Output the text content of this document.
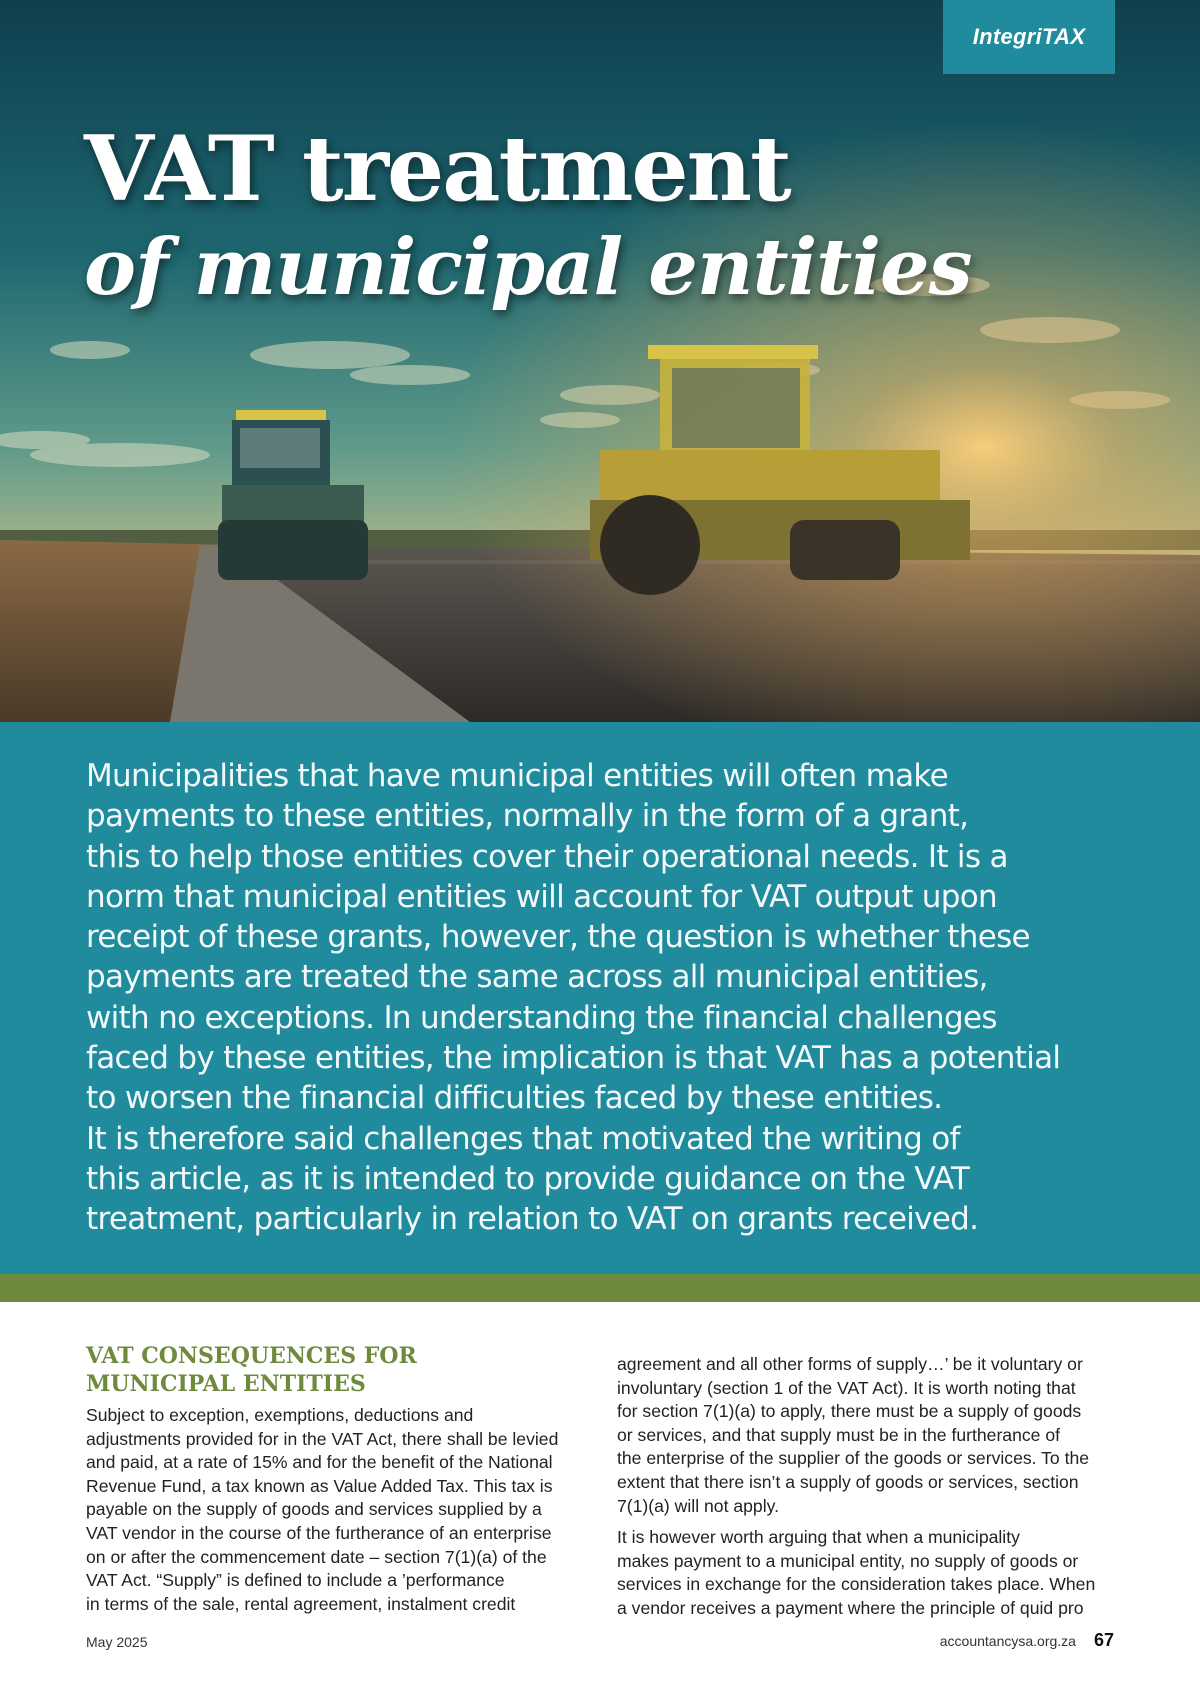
IntegriTAX
VAT treatment
of municipal entities

Municipalities that have municipal entities will often make
payments to these entities, normally in the form of a grant,
this to help those entities cover their operational needs. It is a
norm that municipal entities will account for VAT output upon
receipt of these grants, however, the question is whether these
payments are treated the same across all municipal entities,
with no exceptions. In understanding the financial challenges
faced by these entities, the implication is that VAT has a potential
to worsen the financial difficulties faced by these entities.
It is therefore said challenges that motivated the writing of
this article, as it is intended to provide guidance on the VAT
treatment, particularly in relation to VAT on grants received.

VAT CONSEQUENCES FOR
MUNICIPAL ENTITIES

Subject to exception, exemptions, deductions and
adjustments provided for in the VAT Act, there shall be levied
and paid, at a rate of 15% and for the benefit of the National
Revenue Fund, a tax known as Value Added Tax. This tax is
payable on the supply of goods and services supplied by a
VAT vendor in the course of the furtherance of an enterprise
on or after the commencement date – section 7(1)(a) of the
VAT Act. “Supply” is defined to include a ’performance
in terms of the sale, rental agreement, instalment credit

agreement and all other forms of supply…’ be it voluntary or
involuntary (section 1 of the VAT Act). It is worth noting that
for section 7(1)(a) to apply, there must be a supply of goods
or services, and that supply must be in the furtherance of
the enterprise of the supplier of the goods or services. To the
extent that there isn’t a supply of goods or services, section
7(1)(a) will not apply.

It is however worth arguing that when a municipality
makes payment to a municipal entity, no supply of goods or
services in exchange for the consideration takes place. When
a vendor receives a payment where the principle of quid pro

May 2025	accountancysa.org.za 67
